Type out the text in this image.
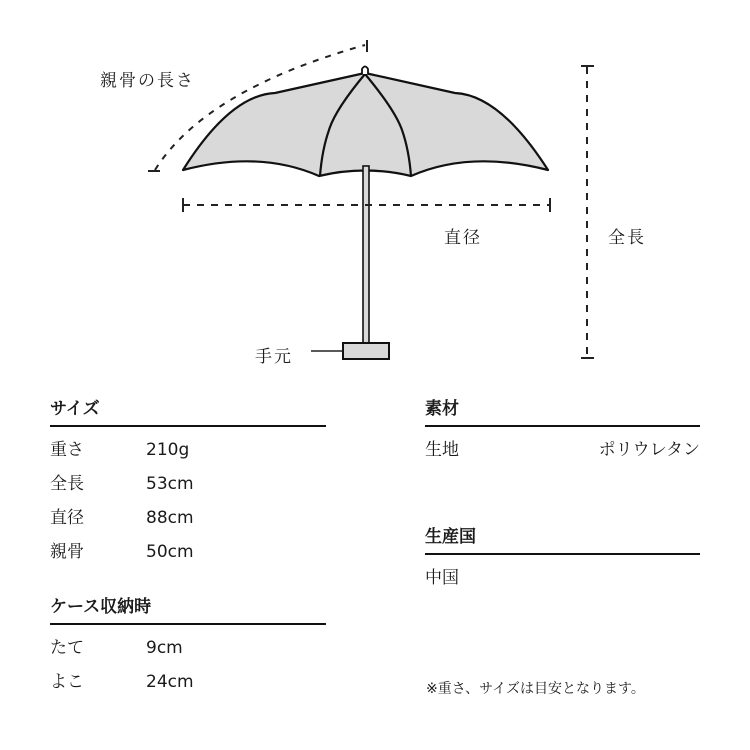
親骨の長さ
直径	全長
手元
サイズ
重さ	210g
全長	53cm
直径	88cm
親骨	50cm
ケース収納時
たて	9cm
よこ	24cm
素材
生地	ポリウレタン
生産国
中国
※重さ、サイズは目安となります。
